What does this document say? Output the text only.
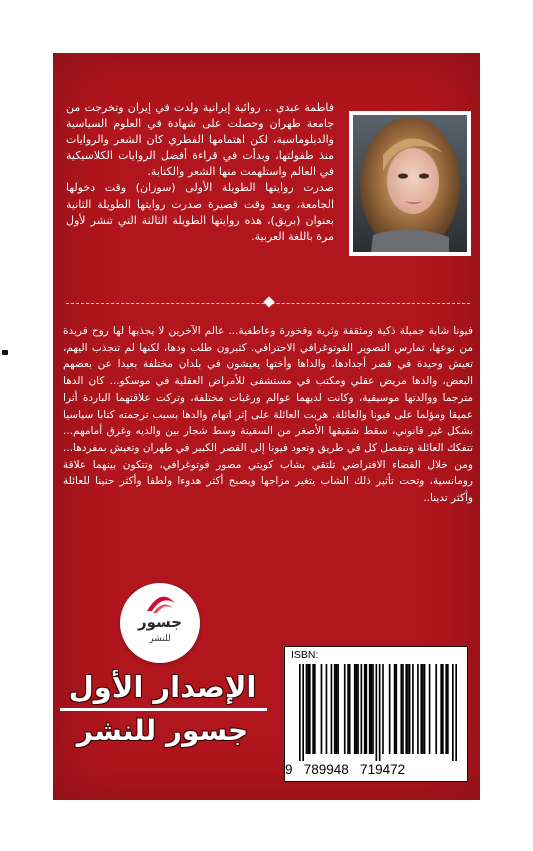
فاطمة عبدي .. روائية إيرانية ولدت في إيران وتخرجت من جامعة طهران وحصلت على شهادة في العلوم السياسية والدبلوماسية، لكن اهتمامها الفطري كان الشعر والروايات منذ طفولتها، وبدأت في قراءة أفضل الروايات الكلاسيكية في العالم واستلهمت منها الشعر والكتابة.
صدرت روايتها الطويلة الأولى (سوزان) وقت دخولها الجامعة، وبعد وقت قصيرة صدرت روايتها الطويلة الثانية بعنوان (بريق)، هذه روايتها الطويلة الثالثة التي تنشر لأول مرة باللغة العربية.

فيونا شابة جميلة ذكية ومثقفة وثرية وفخورة وعاطفية... عالم الآخرين لا يجذبها لها روح فريدة من نوعها، تمارس التصوير الفوتوغرافي الاحترافي. كثيرون طلب ودها، لكنها لم تنجذب اليهم، تعيش وحيدة في قصر أجدادها، والداها وأختها يعيشون في بلدان مختلفة بعيدا عن بعضهم البعض، والدها مريض عقلي ومكتب في مستشفى للأمراض العقلية في موسكو... كان الدها مترجما ووالدتها موسيقية، وكانت لديهما عوالم ورغبات مختلفة، وتركت علاقتهما الباردة أثرا عميقا ومؤلما على فيونا والعائلة. هربت العائلة على إثر اتهام والدها بسبب ترجمته كتابا سياسيا بشكل غير قانوني، سقط شقيقها الأصغر من السفينة وسط شجار بين والديه وغرق أمامهم... تتفكك العائلة وتنفصل كل في طريق وتعود فيونا إلى القصر الكبير في طهران وتعيش بمفردها... ومن خلال الفضاء الافتراضي تلتقي بشاب كويتي مصور فوتوغرافي، وتتكون بينهما علاقة رومانسية، وتحت تأثير ذلك الشاب يتغير مزاجها ويصبح أكثر هدوءا ولطفا وأكثر حنينا للعائلة وأكثر تدينا..

جسور
للنشر
الإصدار الأول
جسور للنشر
ISBN:
9   789948   719472
